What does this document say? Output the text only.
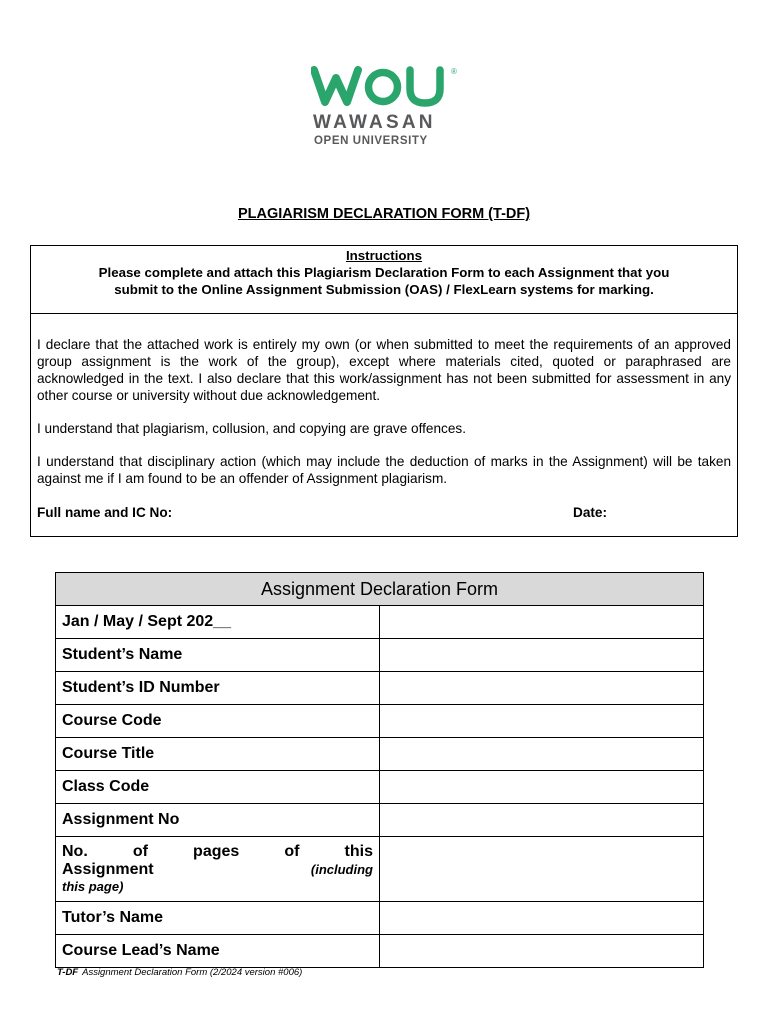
®
WAWASAN
OPEN UNIVERSITY
PLAGIARISM DECLARATION FORM (T-DF)
Instructions
Please complete and attach this Plagiarism Declaration Form to each Assignment that you
submit to the Online Assignment Submission (OAS) / FlexLearn systems for marking.

I declare that the attached work is entirely my own (or when submitted to meet the requirements of an approved group assignment is the work of the group), except where materials cited, quoted or paraphrased are acknowledged in the text. I also declare that this work/assignment has not been submitted for assessment in any other course or university without due acknowledgement.

I understand that plagiarism, collusion, and copying are grave offences.

I understand that disciplinary action (which may include the deduction of marks in the Assignment) will be taken against me if I am found to be an offender of Assignment plagiarism.

Full name and IC No:	Date:
Assignment Declaration Form	
Jan / May / Sept 202__	
Student’s Name	
Student’s ID Number	
Course Code	
Course Title	
Class Code	
Assignment No	

No. of pages of this
Assignment (including
this page)	

Tutor’s Name	
Course Lead’s Name	
T-DF Assignment Declaration Form (2/2024 version #006)
